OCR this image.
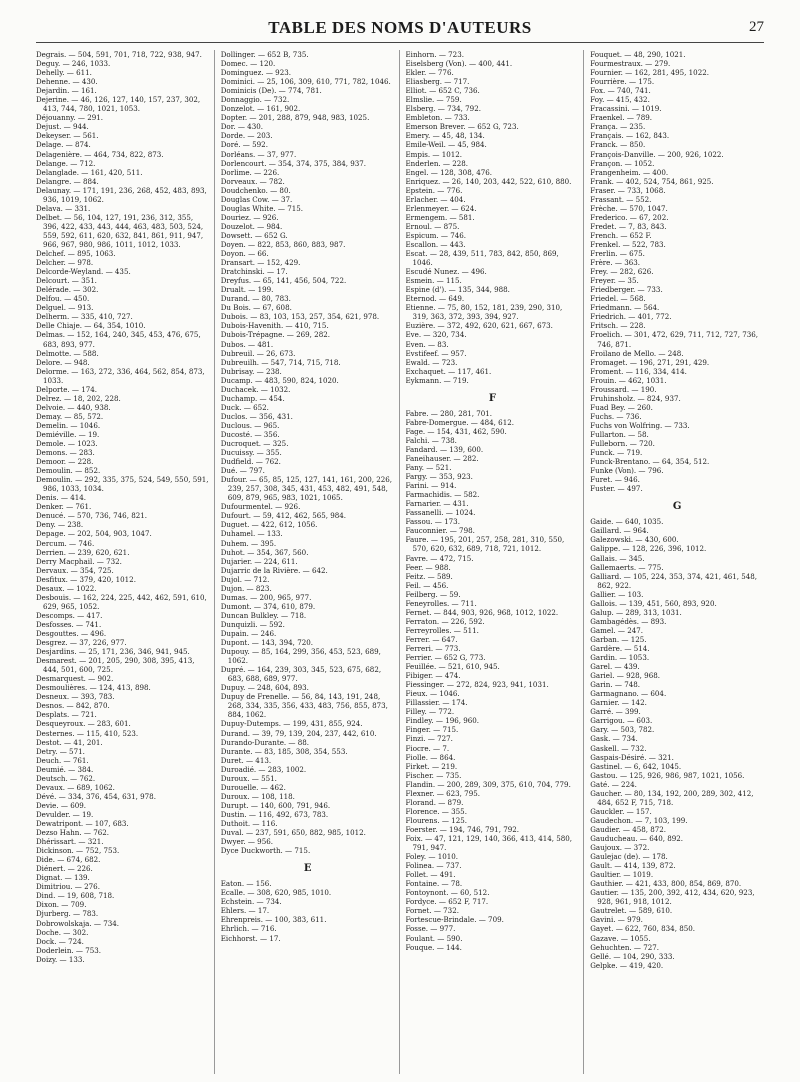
TABLE DES NOMS D'AUTEURS	27
Degrais. — 504, 591, 701, 718, 722, 938, 947.
Deguy. — 246, 1033.
Dehelly. — 611.
Dehenne. — 430.
Dejardin. — 161.
Dejerine. — 46, 126, 127, 140, 157, 237, 302, 413, 744, 780, 1021, 1053.
Déjouanny. — 291.
Dejust. — 944.
Dekeyser. — 561.
Delage. — 874.
Delagenière. — 464, 734, 822, 873.
Delange. — 712.
Delanglade. — 161, 420, 511.
Delangre. — 884.
Delaunay. — 171, 191, 236, 268, 452, 483, 893, 936, 1019, 1062.
Delava. — 331.
Delbet. — 56, 104, 127, 191, 236, 312, 355, 396, 422, 433, 443, 444, 463, 483, 503, 524, 559, 592, 611, 620, 632, 841, 861, 911, 947, 966, 967, 980, 986, 1011, 1012, 1033.
Delchef. — 895, 1063.
Delcher. — 978.
Delcorde-Weyland. — 435.
Delcourt. — 351.
Delérade. — 302.
Delfou. — 450.
Delguel. — 913.
Delherm. — 335, 410, 727.
Delle Chiaje. — 64, 354, 1010.
Delmas. — 152, 164, 240, 345, 453, 476, 675, 683, 893, 977.
Delmotte. — 588.
Delore. — 948.
Delorme. — 163, 272, 336, 464, 562, 854, 873, 1033.
Delporte. — 174.
Delrez. — 18, 202, 228.
Delvoie. — 440, 938.
Demay. — 85, 572.
Demelin. — 1046.
Demiéville. — 19.
Demole. — 1023.
Demons. — 283.
Demoor. — 228.
Demoulin. — 852.
Demoulin. — 292, 335, 375, 524, 549, 550, 591, 986, 1033, 1034.
Denis. — 414.
Denker. — 761.
Denucé. — 570, 736, 746, 821.
Deny. — 238.
Depage. — 202, 504, 903, 1047.
Dercum. — 746.
Derrien. — 239, 620, 621.
Derry Macphail. — 732.
Dervaux. — 354, 725.
Desfitux. — 379, 420, 1012.
Desaux. — 1022.
Desbouis. — 162, 224, 225, 442, 462, 591, 610, 629, 965, 1052.
Descomps. — 417.
Desfosses. — 741.
Desgouttes. — 496.
Desgrez. — 37, 226, 977.
Desjardins. — 25, 171, 236, 346, 941, 945.
Desmarest. — 201, 205, 290, 308, 395, 413, 444, 501, 600, 725.
Desmarquest. — 902.
Desmoulières. — 124, 413, 898.
Desneux. — 393, 783.
Desnos. — 842, 870.
Desplats. — 721.
Desqueyroux. — 283, 601.
Desternes. — 115, 410, 523.
Destot. — 41, 201.
Detry. — 571.
Deuch. — 761.
Deumié. — 384.
Deutsch. — 762.
Devaux. — 689, 1062.
Dévé. — 334, 376, 454, 631, 978.
Devie. — 609.
Devulder. — 19.
Dewatripont. — 107, 683.
Dezso Hahn. — 762.
Dhérissart. — 321.
Dickinson. — 752, 753.
Dide. — 674, 682.
Diénert. — 226.
Dignat. — 139.
Dimitriou. — 276.
Dind. — 19, 608, 718.
Dixon. — 709.
Djurberg. — 783.
Dobrowolskaja. — 734.
Doche. — 302.
Dock. — 724.
Doderlein. — 753.
Doizy. — 133.
Dollinger. — 652 B, 735.
Domec. — 120.
Dominguez. — 923.
Dominici. — 25, 106, 309, 610, 771, 782, 1046.
Dominicis (De). — 774, 781.
Donnaggio. — 732.
Donzelot. — 161, 902.
Dopter. — 201, 288, 879, 948, 983, 1025.
Dor. — 430.
Dorde. — 203.
Doré. — 592.
Dorléans. — 37, 977.
Dorlencourt. — 354, 374, 375, 384, 937.
Dorlime. — 226.
Dorveaux. — 782.
Doudchenko. — 80.
Douglas Cow. — 37.
Douglas White. — 715.
Douriez. — 926.
Douzelot. — 984.
Dowsett. — 652 G.
Doyen. — 822, 853, 860, 883, 987.
Doyon. — 66.
Dransart. — 152, 429.
Dratchinski. — 17.
Dreyfus. — 65, 141, 456, 504, 722.
Drualt. — 199.
Durand. — 80, 783.
Du Bois. — 67, 608.
Dubois. — 83, 103, 153, 257, 354, 621, 978.
Dubois-Havenith. — 410, 715.
Dubois-Trépagne. — 269, 282.
Dubos. — 481.
Dubreuil. — 26, 673.
Dubreuilh. — 547, 714, 715, 718.
Dubrisay. — 238.
Ducamp. — 483, 590, 824, 1020.
Duchacek. — 1032.
Duchamp. — 454.
Duck. — 652.
Duclos. — 356, 431.
Duclous. — 965.
Ducosté. — 356.
Ducroquet. — 325.
Ducuissy. — 355.
Dudfield. — 762.
Dué. — 797.
Dufour. — 65, 85, 125, 127, 141, 161, 200, 226, 239, 257, 308, 345, 431, 453, 482, 491, 548, 609, 879, 965, 983, 1021, 1065.
Dufourmentel. — 926.
Dufourt. — 59, 412, 462, 565, 984.
Duguet. — 422, 612, 1056.
Duhamel. — 133.
Duhem. — 395.
Duhot. — 354, 367, 560.
Dujarier. — 224, 611.
Dujarric de la Rivière. — 642.
Dujol. — 712.
Dujon. — 823.
Dumas. — 200, 965, 977.
Dumont. — 374, 610, 879.
Duncan Bulkley. — 718.
Dunquizli. — 592.
Dupain. — 246.
Dupont. — 143, 394, 720.
Dupouy. — 85, 164, 299, 356, 453, 523, 689, 1062.
Dupré. — 164, 239, 303, 345, 523, 675, 682, 683, 688, 689, 977.
Dupuy. — 248, 604, 893.
Dupuy de Frenelle. — 56, 84, 143, 191, 248, 268, 334, 335, 356, 433, 483, 756, 855, 873, 884, 1062.
Dupuy-Dutemps. — 199, 431, 855, 924.
Durand. — 39, 79, 139, 204, 237, 442, 610.
Durando-Durante. — 88.
Durante. — 83, 185, 308, 354, 553.
Duret. — 413.
Duroadié. — 283, 1002.
Duroux. — 551.
Durouelle. — 462.
Duroux. — 108, 118.
Durupt. — 140, 600, 791, 946.
Dustin. — 116, 492, 673, 783.
Duthoit. — 116.
Duval. — 237, 591, 650, 882, 985, 1012.
Dwyer. — 956.
Dyce Duckworth. — 715.
E
Eaton. — 156.
Ecalle. — 308, 620, 985, 1010.
Echstein. — 734.
Ehlers. — 17.
Ehrenpreis. — 100, 383, 611.
Ehrlich. — 716.
Eichhorst. — 17.
Einhorn. — 723.
Eiselsberg (Von). — 400, 441.
Ekler. — 776.
Eliasberg. — 717.
Elliot. — 652 C, 736.
Elmslie. — 759.
Elsberg. — 734, 792.
Embleton. — 733.
Emerson Brever. — 652 G, 723.
Emery. — 45, 48, 134.
Emile-Weil. — 45, 984.
Empis. — 1012.
Enderlen. — 228.
Engel. — 128, 308, 476.
Enriquez. — 26, 140, 203, 442, 522, 610, 880.
Epstein. — 776.
Erlacher. — 404.
Erlenmeyer. — 624.
Ermengem. — 581.
Ernoul. — 875.
Espicum. — 746.
Escallon. — 443.
Escat. — 28, 439, 511, 783, 842, 850, 869, 1046.
Escudé Nunez. — 496.
Esmein. — 115.
Espine (d'). — 135, 344, 988.
Eternod. — 649.
Etienne. — 75, 80, 152, 181, 239, 290, 310, 319, 363, 372, 393, 394, 927.
Euzière. — 372, 492, 620, 621, 667, 673.
Eve. — 320, 734.
Even. — 83.
Evstifeef. — 957.
Ewald. — 723.
Exchaquet. — 117, 461.
Eykmann. — 719.
F
Fabre. — 280, 281, 701.
Fabre-Domergue. — 484, 612.
Fage. — 154, 431, 462, 590.
Falchi. — 738.
Fandard. — 139, 600.
Faneihauser. — 282.
Fany. — 521.
Fargy. — 353, 923.
Farini. — 914.
Farmachidis. — 582.
Farnarier. — 431.
Fassanelli. — 1024.
Fassou. — 173.
Fauconnier. — 798.
Faure. — 195, 201, 257, 258, 281, 310, 550, 570, 620, 632, 689, 718, 721, 1012.
Favre. — 472, 715.
Feer. — 988.
Feitz. — 589.
Feil. — 456.
Feilberg. — 59.
Feneyrolles. — 711.
Fernet. — 844, 903, 926, 968, 1012, 1022.
Ferraton. — 226, 592.
Ferreyrolles. — 511.
Ferrer. — 647.
Ferreri. — 773.
Ferrier. — 652 G, 773.
Feuillée. — 521, 610, 945.
Fibiger. — 474.
Fiessinger. — 272, 824, 923, 941, 1031.
Fieux. — 1046.
Fillassier. — 174.
Filley. — 772.
Findley. — 196, 960.
Finger. — 715.
Finzi. — 727.
Fiocre. — 7.
Fiolle. — 864.
Firket. — 219.
Fischer. — 735.
Flandin. — 200, 289, 309, 375, 610, 704, 779.
Flexner. — 623, 795.
Florand. — 879.
Florence. — 355.
Flourens. — 125.
Foerster. — 194, 746, 791, 792.
Foix. — 47, 121, 129, 140, 366, 413, 414, 580, 791, 947.
Foley. — 1010.
Folinea. — 737.
Follet. — 491.
Fontaine. — 78.
Fontoynont. — 60, 512.
Fordyce. — 652 F, 717.
Fornet. — 732.
Fortescue-Brindale. — 709.
Fosse. — 977.
Foulant. — 590.
Fouque. — 144.
Fouquet. — 48, 290, 1021.
Fourmestraux. — 279.
Fournier. — 162, 281, 495, 1022.
Fourrière. — 175.
Fox. — 740, 741.
Foy. — 415, 432.
Fracassini. — 1019.
Fraenkel. — 789.
França. — 235.
Français. — 162, 843.
Franck. — 850.
François-Danville. — 200, 926, 1022.
Françon. — 1052.
Frangenheim. — 400.
Frank. — 402, 524, 754, 861, 925.
Fraser. — 733, 1068.
Frassant. — 552.
Frèche. — 570, 1047.
Frederico. — 67, 202.
Fredet. — 7, 83, 843.
French. — 652 F.
Frenkel. — 522, 783.
Frerlin. — 675.
Frère. — 363.
Frey. — 282, 626.
Freyer. — 35.
Friedberger. — 733.
Friedel. — 568.
Friedmann. — 564.
Friedrich. — 401, 772.
Fritsch. — 228.
Froelich. — 301, 472, 629, 711, 712, 727, 736, 746, 871.
Froilano de Mello. — 248.
Fromaget. — 196, 271, 291, 429.
Froment. — 116, 334, 414.
Frouin. — 462, 1031.
Froussard. — 190.
Fruhinsholz. — 824, 937.
Fuad Bey. — 260.
Fuchs. — 736.
Fuchs von Wolfring. — 733.
Fullarton. — 58.
Fulleborn. — 720.
Funck. — 719.
Funck-Brentano. — 64, 354, 512.
Funke (Von). — 796.
Furet. — 946.
Fuster. — 497.
G
Gaide. — 640, 1035.
Gaillard. — 964.
Galezowski. — 430, 600.
Galippe. — 128, 226, 396, 1012.
Gallais. — 345.
Gallemaerts. — 775.
Galliard. — 105, 224, 353, 374, 421, 461, 548, 862, 922.
Gallier. — 103.
Gallois. — 139, 451, 560, 893, 920.
Galup. — 289, 313, 1031.
Gambagédès. — 893.
Gamel. — 247.
Garban. — 125.
Gardère. — 514.
Gardin. — 1053.
Garel. — 439.
Gariel. — 928, 968.
Garin. — 748.
Garmagnano. — 604.
Garnier. — 142.
Garré. — 399.
Garrigou. — 603.
Gary. — 503, 782.
Gask. — 734.
Gaskell. — 732.
Gaspais-Désiré. — 321.
Gastinel. — 6, 642, 1045.
Gastou. — 125, 926, 986, 987, 1021, 1056.
Gaté. — 224.
Gaucher. — 80, 134, 192, 200, 289, 302, 412, 484, 652 F, 715, 718.
Gauckler. — 157.
Gaudechon. — 7, 103, 199.
Gaudier. — 458, 872.
Gauducheau. — 640, 892.
Gaujoux. — 372.
Gaulejac (de). — 178.
Gault. — 414, 139, 872.
Gaultier. — 1019.
Gauthier. — 421, 433, 800, 854, 869, 870.
Gautier. — 135, 200, 392, 412, 434, 620, 923, 928, 961, 918, 1012.
Gautrelet. — 589, 610.
Gavini. — 979.
Gayet. — 622, 760, 834, 850.
Gazave. — 1055.
Gehuchten. — 727.
Gellé. — 104, 290, 333.
Gelpke. — 419, 420.
